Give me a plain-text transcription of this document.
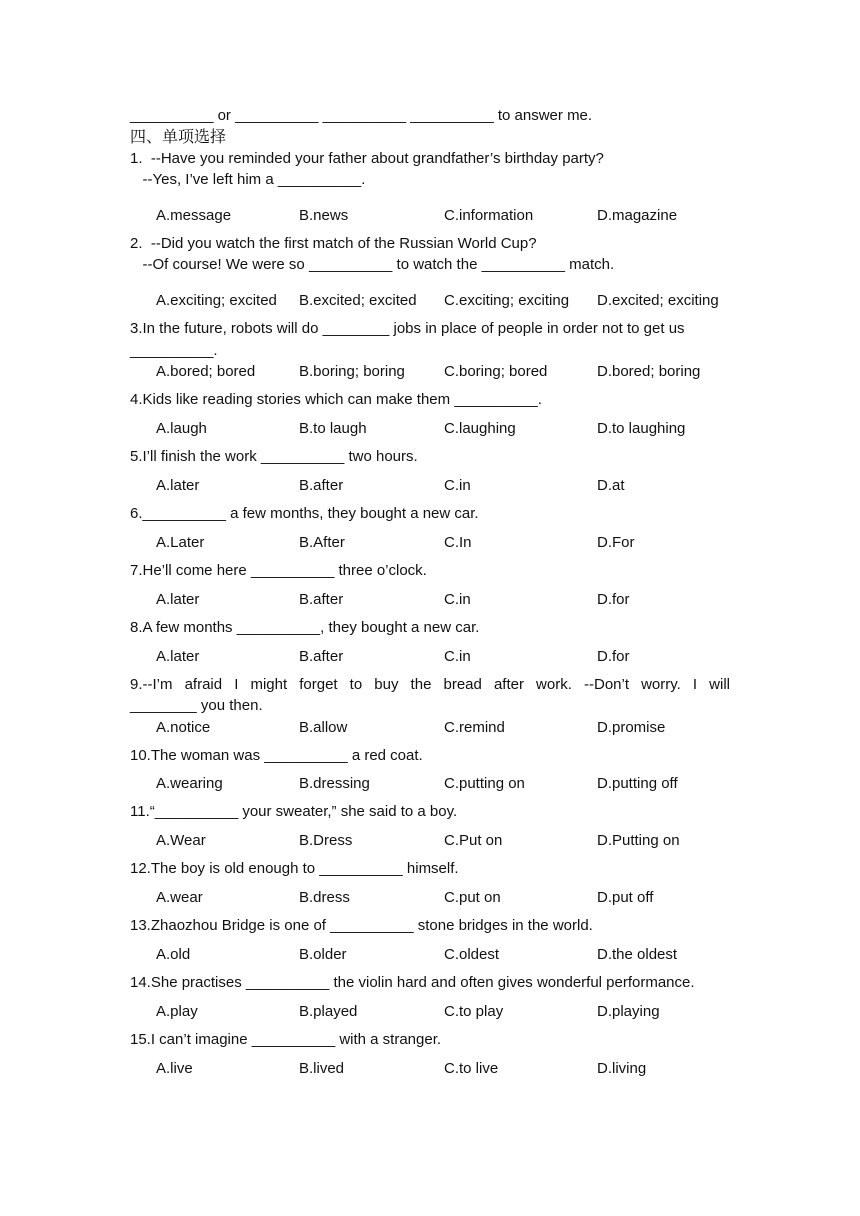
__________ or __________ __________ __________ to answer me.
四、单项选择
1.  --Have you reminded your father about grandfather’s birthday party?
--Yes, I’ve left him a __________.
A.message	B.news	C.information	D.magazine
2.  --Did you watch the first match of the Russian World Cup?
--Of course! We were so __________ to watch the __________ match.
A.exciting; excited B.excited; excited C.exciting; exciting D.excited; exciting
3.In the future, robots will do ________ jobs in place of people in order not to get us
__________.
A.bored; bored	B.boring; boring	C.boring; bored	D.bored; boring
4.Kids like reading stories which can make them __________.
A.laugh	B.to laugh	C.laughing	D.to laughing
5.I’ll finish the work __________ two hours.
A.later	B.after	C.in	D.at
6.__________ a few months, they bought a new car.
A.Later	B.After	C.In	D.For
7.He’ll come here __________ three o’clock.
A.later	B.after	C.in	D.for
8.A few months __________, they bought a new car.
A.later	B.after	C.in	D.for
9.--I’m afraid I might forget to buy the bread after work. --Don’t worry. I will
________ you then.
A.notice	B.allow	C.remind	D.promise
10.The woman was __________ a red coat.
A.wearing	B.dressing	C.putting on	D.putting off
11.“__________ your sweater,” she said to a boy.
A.Wear	B.Dress	C.Put on	D.Putting on
12.The boy is old enough to __________ himself.
A.wear	B.dress	C.put on	D.put off
13.Zhaozhou Bridge is one of __________ stone bridges in the world.
A.old	B.older	C.oldest	D.the oldest
14.She practises __________ the violin hard and often gives wonderful performance.
A.play	B.played	C.to play	D.playing
15.I can’t imagine __________ with a stranger.
A.live	B.lived	C.to live	D.living
